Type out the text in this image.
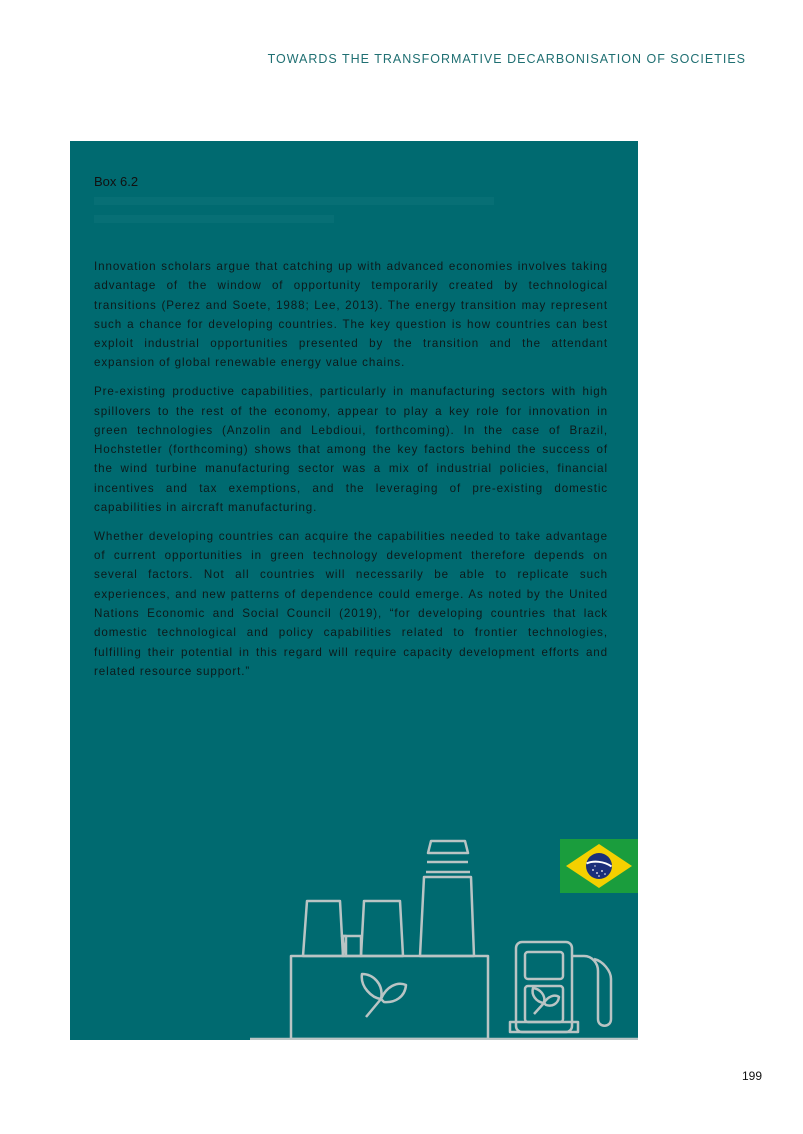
TOWARDS THE TRANSFORMATIVE DECARBONISATION OF SOCIETIES
Box 6.2

Innovation scholars argue that catching up with advanced economies involves taking advantage of the window of opportunity temporarily created by technological transitions (Perez and Soete, 1988; Lee, 2013). The energy transition may represent such a chance for developing countries. The key question is how countries can best exploit industrial opportunities presented by the transition and the attendant expansion of global renewable energy value chains.

Pre-existing productive capabilities, particularly in manufacturing sectors with high spillovers to the rest of the economy, appear to play a key role for innovation in green technologies (Anzolin and Lebdioui, forthcoming). In the case of Brazil, Hochstetler (forthcoming) shows that among the key factors behind the success of the wind turbine manufacturing sector was a mix of industrial policies, financial incentives and tax exemptions, and the leveraging of pre-existing domestic capabilities in aircraft manufacturing.

Whether developing countries can acquire the capabilities needed to take advantage of current opportunities in green technology development therefore depends on several factors. Not all countries will necessarily be able to replicate such experiences, and new patterns of dependence could emerge. As noted by the United Nations Economic and Social Council (2019), “for developing countries that lack domestic technological and policy capabilities related to frontier technologies, fulfilling their potential in this regard will require capacity development efforts and related resource support.”

199
